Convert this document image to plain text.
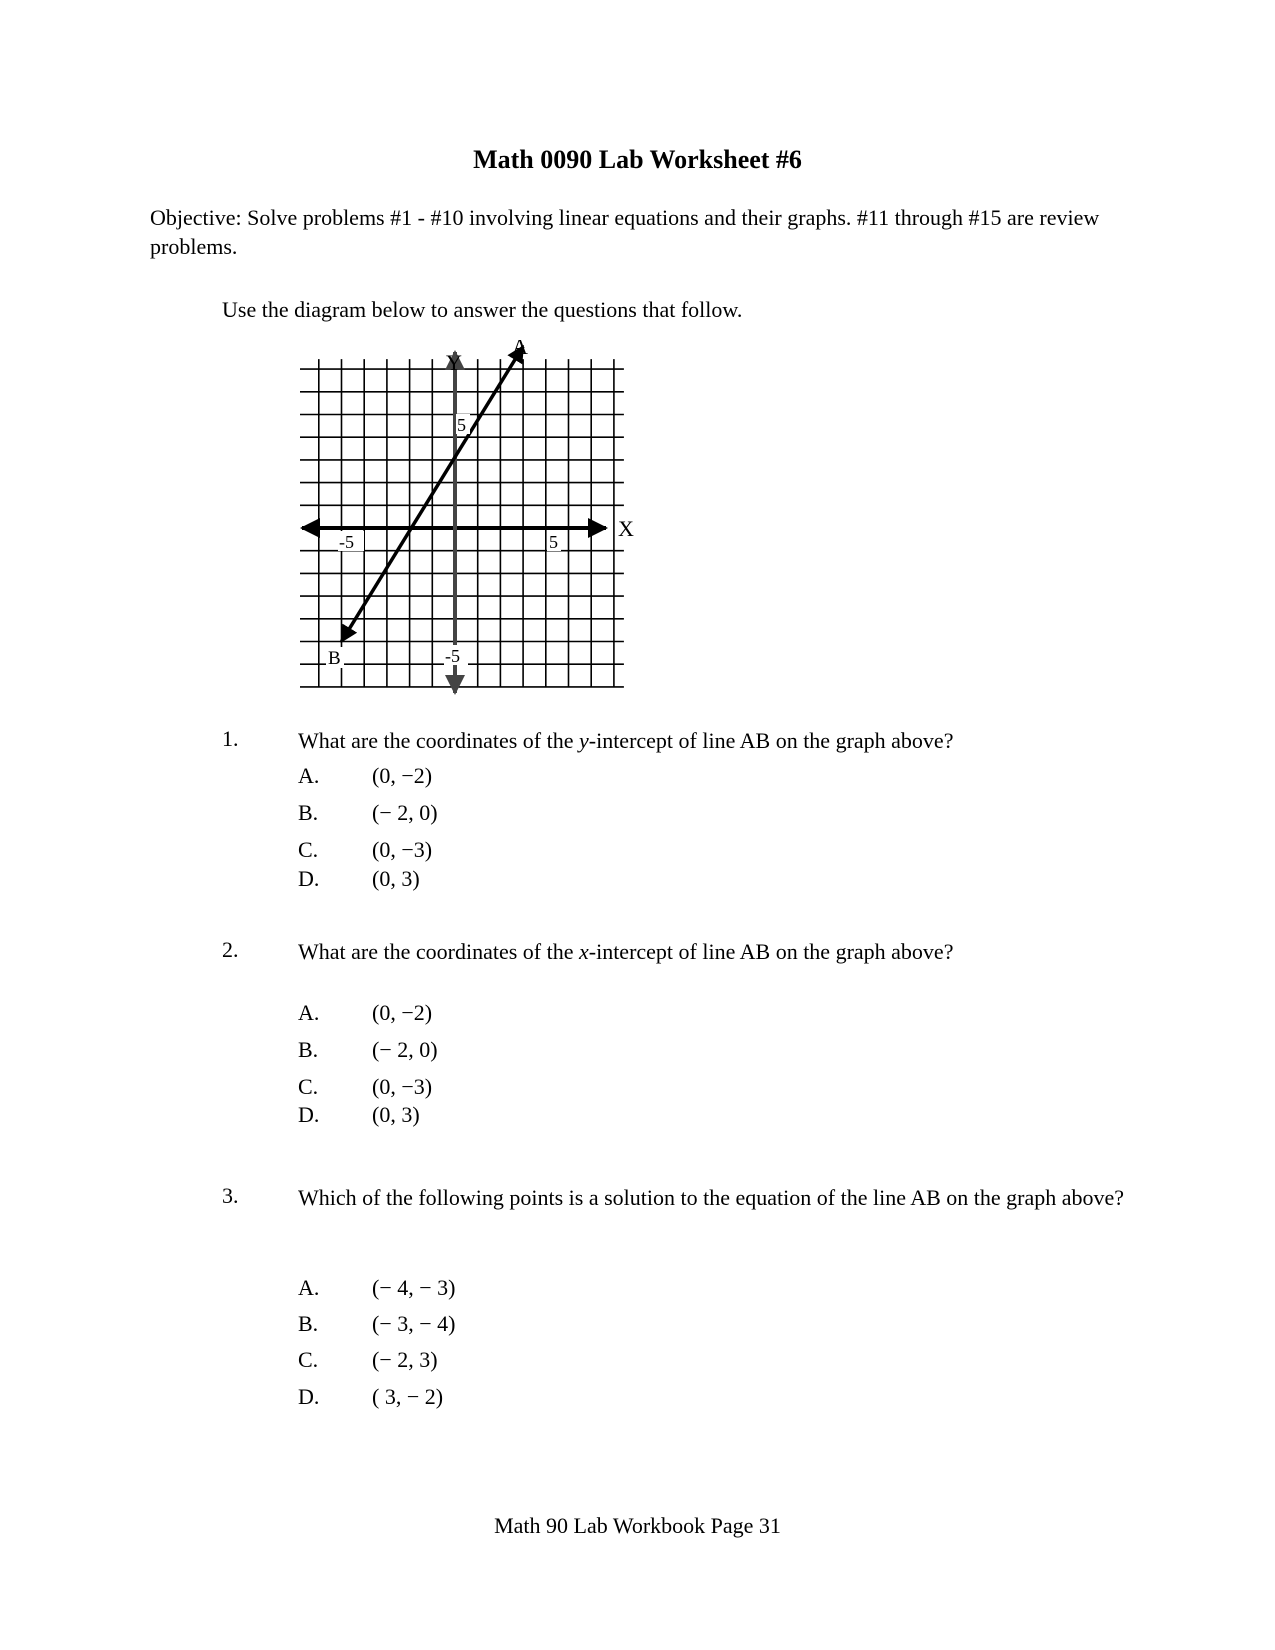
Math 0090 Lab Worksheet #6
Objective: Solve problems #1 - #10 involving linear equations and their graphs. #11 through #15 are review problems.
Use the diagram below to answer the questions that follow.
5
-5	5
-5
B
Y
A
X
1.	What are the coordinates of the y-intercept of line AB on the graph above?
A. (0, −2)
B. (− 2, 0)
C. (0, −3)
D. (0, 3)
2.	What are the coordinates of the x-intercept of line AB on the graph above?
A. (0, −2)
B. (− 2, 0)
C. (0, −3)
D. (0, 3)
3.	Which of the following points is a solution to the equation of the line AB on the graph above?
A. (− 4, − 3)
B. (− 3, − 4)
C. (− 2, 3)
D. ( 3, − 2)
Math 90 Lab Workbook Page 31
